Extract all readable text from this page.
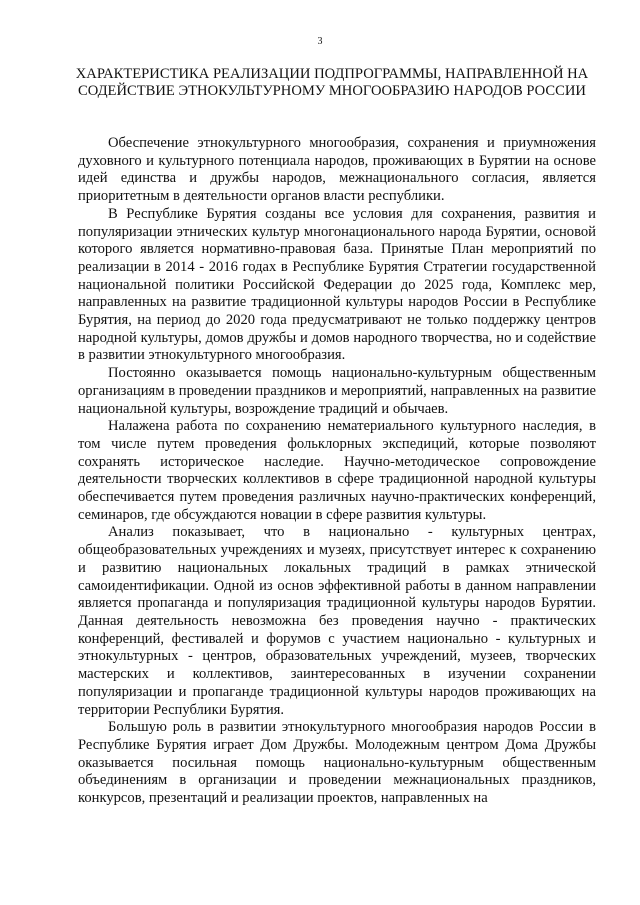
3
ХАРАКТЕРИСТИКА РЕАЛИЗАЦИИ ПОДПРОГРАММЫ, НАПРАВЛЕННОЙ НА СОДЕЙСТВИЕ ЭТНОКУЛЬТУРНОМУ МНОГООБРАЗИЮ НАРОДОВ РОССИИ

Обеспечение этнокультурного многообразия, сохранения и приумножения духовного и культурного потенциала народов, проживающих в Бурятии на основе идей единства и дружбы народов, межнационального согласия, является приоритетным в деятельности органов власти республики.

В Республике Бурятия созданы все условия для сохранения, развития и популяризации этнических культур многонационального народа Бурятии, основой которого является нормативно-правовая база. Принятые План мероприятий по реализации в 2014 - 2016 годах в Республике Бурятия Стратегии государственной национальной политики Российской Федерации до 2025 года, Комплекс мер, направленных на развитие традиционной культуры народов России в Республике Бурятия, на период до 2020 года предусматривают не только поддержку центров народной культуры, домов дружбы и домов народного творчества, но и содействие в развитии этнокультурного многообразия.

Постоянно оказывается помощь национально-культурным общественным организациям в проведении праздников и мероприятий, направленных на развитие национальной культуры, возрождение традиций и обычаев.

Налажена работа по сохранению нематериального культурного наследия, в том числе путем проведения фольклорных экспедиций, которые позволяют сохранять историческое наследие. Научно-методическое сопровождение деятельности творческих коллективов в сфере традиционной народной культуры обеспечивается путем проведения различных научно-практических конференций, семинаров, где обсуждаются новации в сфере развития культуры.

Анализ показывает, что в национально - культурных центрах, общеобразовательных учреждениях и музеях, присутствует интерес к сохранению и развитию национальных локальных традиций в рамках этнической самоидентификации. Одной из основ эффективной работы в данном направлении является пропаганда и популяризация традиционной культуры народов Бурятии. Данная деятельность невозможна без проведения научно - практических конференций, фестивалей и форумов с участием национально - культурных и этнокультурных - центров, образовательных учреждений, музеев, творческих мастерских и коллективов, заинтересованных в изучении сохранении популяризации и пропаганде традиционной культуры народов проживающих на территории Республики Бурятия.

Большую роль в развитии этнокультурного многообразия народов России в Республике Бурятия играет Дом Дружбы. Молодежным центром Дома Дружбы оказывается посильная помощь национально-культурным общественным объединениям в организации и проведении межнациональных праздников, конкурсов, презентаций и реализации проектов, направленных на
